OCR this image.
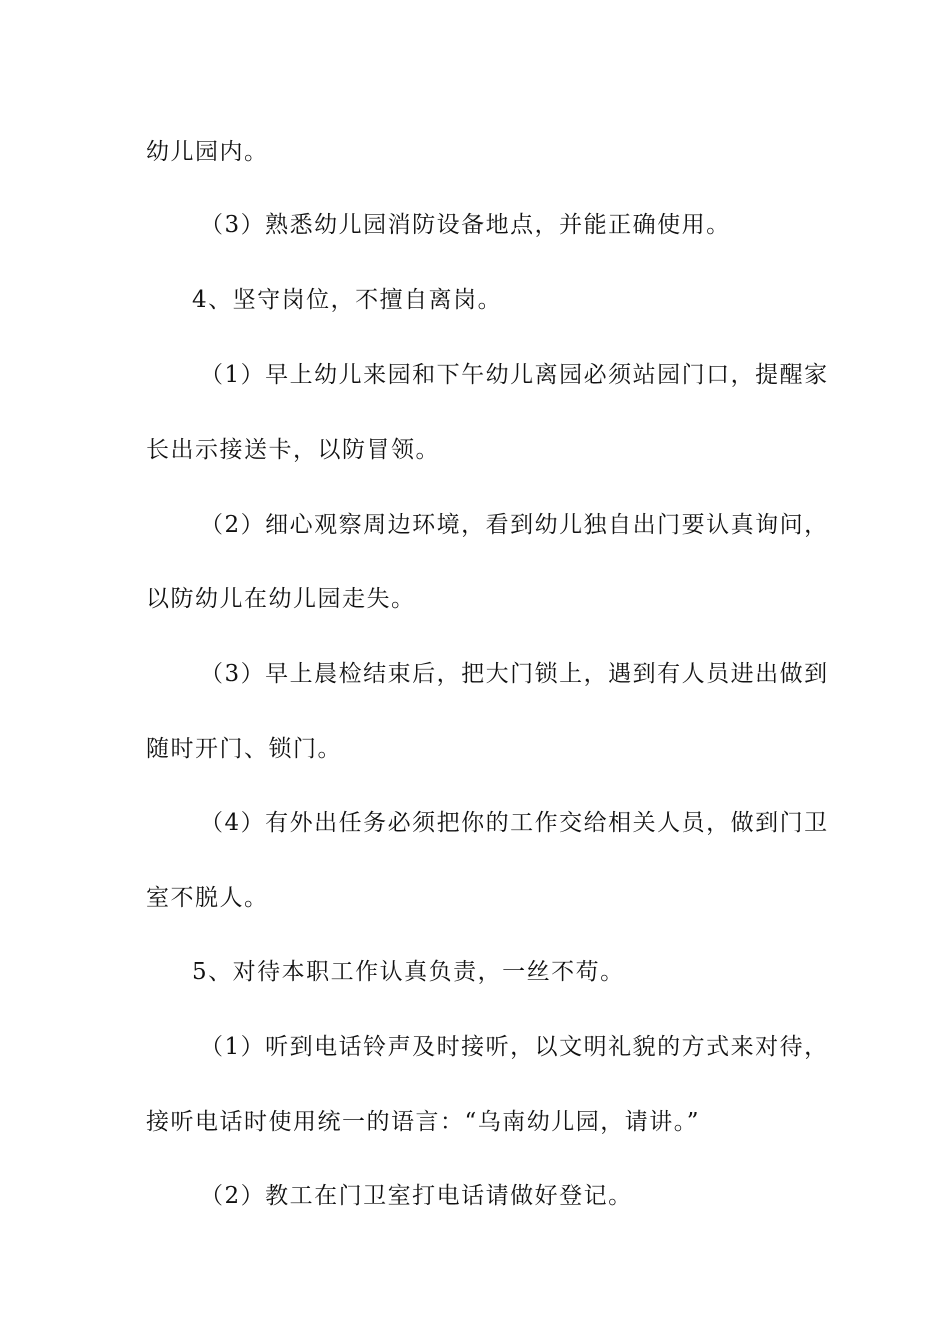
幼儿园内。
（3）熟悉幼儿园消防设备地点，并能正确使用。
4、坚守岗位，不擅自离岗。
（1）早上幼儿来园和下午幼儿离园必须站园门口，提醒家
长出示接送卡，以防冒领。
（2）细心观察周边环境，看到幼儿独自出门要认真询问，
以防幼儿在幼儿园走失。
（3）早上晨检结束后，把大门锁上，遇到有人员进出做到
随时开门、锁门。
（4）有外出任务必须把你的工作交给相关人员，做到门卫
室不脱人。
5、对待本职工作认真负责，一丝不苟。
（1）听到电话铃声及时接听，以文明礼貌的方式来对待，
接听电话时使用统一的语言：“乌南幼儿园，请讲。”
（2）教工在门卫室打电话请做好登记。
